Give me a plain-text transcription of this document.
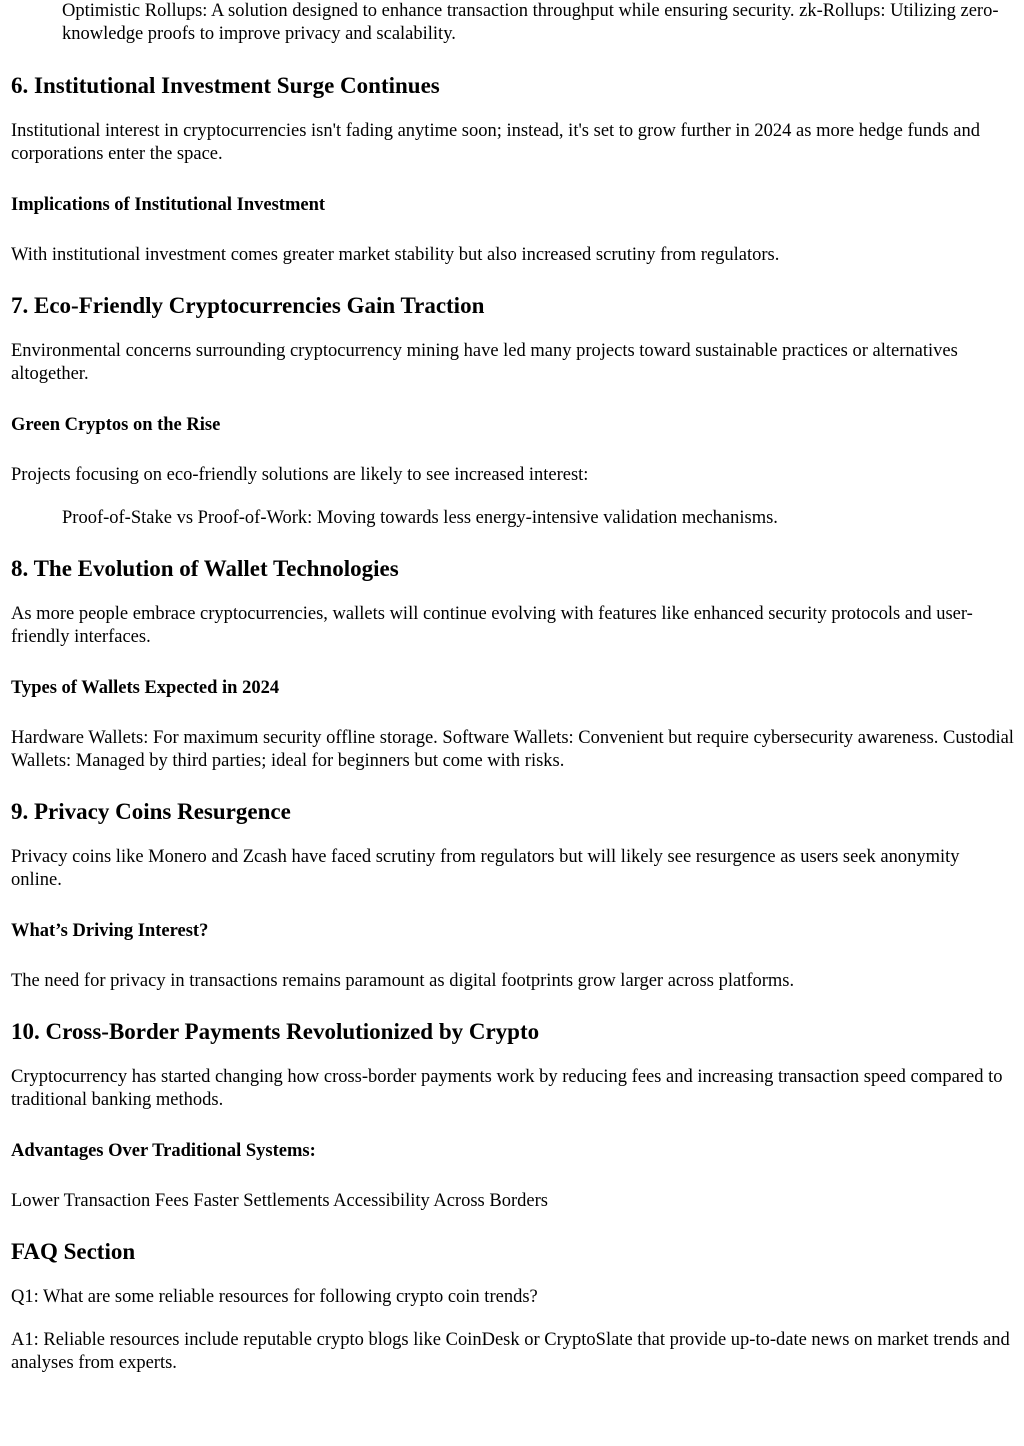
Optimistic Rollups: A solution designed to enhance transaction throughput while ensuring security. zk-Rollups: Utilizing zero-knowledge proofs to improve privacy and scalability.

6. Institutional Investment Surge Continues

Institutional interest in cryptocurrencies isn't fading anytime soon; instead, it's set to grow further in 2024 as more hedge funds and corporations enter the space.

Implications of Institutional Investment

With institutional investment comes greater market stability but also increased scrutiny from regulators.

7. Eco-Friendly Cryptocurrencies Gain Traction

Environmental concerns surrounding cryptocurrency mining have led many projects toward sustainable practices or alternatives altogether.

Green Cryptos on the Rise

Projects focusing on eco-friendly solutions are likely to see increased interest:

Proof-of-Stake vs Proof-of-Work: Moving towards less energy-intensive validation mechanisms.

8. The Evolution of Wallet Technologies

As more people embrace cryptocurrencies, wallets will continue evolving with features like enhanced security protocols and user-friendly interfaces.

Types of Wallets Expected in 2024

Hardware Wallets: For maximum security offline storage. Software Wallets: Convenient but require cybersecurity awareness. Custodial Wallets: Managed by third parties; ideal for beginners but come with risks.

9. Privacy Coins Resurgence

Privacy coins like Monero and Zcash have faced scrutiny from regulators but will likely see resurgence as users seek anonymity online.

What’s Driving Interest?

The need for privacy in transactions remains paramount as digital footprints grow larger across platforms.

10. Cross-Border Payments Revolutionized by Crypto

Cryptocurrency has started changing how cross-border payments work by reducing fees and increasing transaction speed compared to traditional banking methods.

Advantages Over Traditional Systems:

Lower Transaction Fees Faster Settlements Accessibility Across Borders

FAQ Section

Q1: What are some reliable resources for following crypto coin trends?

A1: Reliable resources include reputable crypto blogs like CoinDesk or CryptoSlate that provide up-to-date news on market trends and analyses from experts.
